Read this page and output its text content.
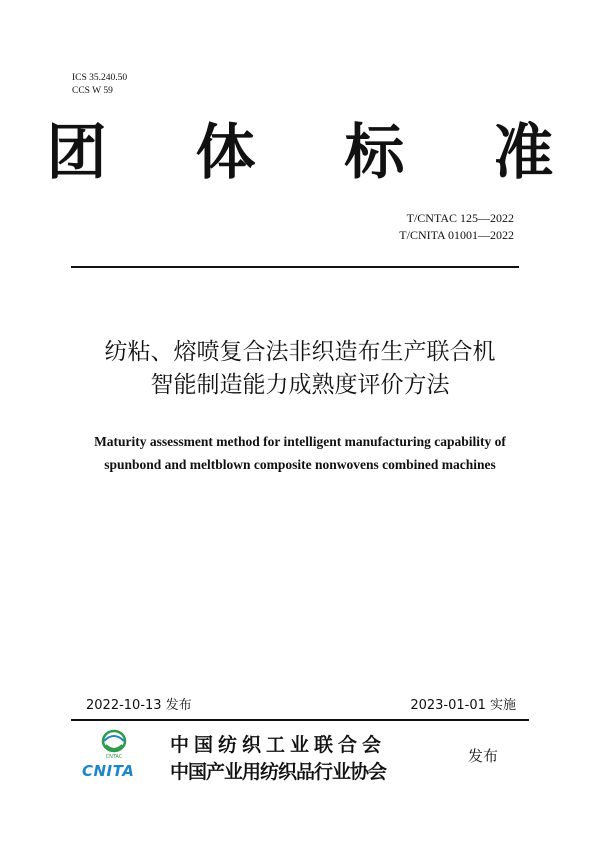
ICS 35.240.50
CCS W 59
团 体 标 准
T/CNTAC 125—2022
T/CNITA 01001—2022
纺粘、熔喷复合法非织造布生产联合机
智能制造能力成熟度评价方法
Maturity assessment method for intelligent manufacturing capability of
spunbond and meltblown composite nonwovens combined machines
2022-10-13 发布	2023-01-01 实施
CNTAC
CNITA
中国纺织工业联合会
中国产业用纺织品行业协会
发布
